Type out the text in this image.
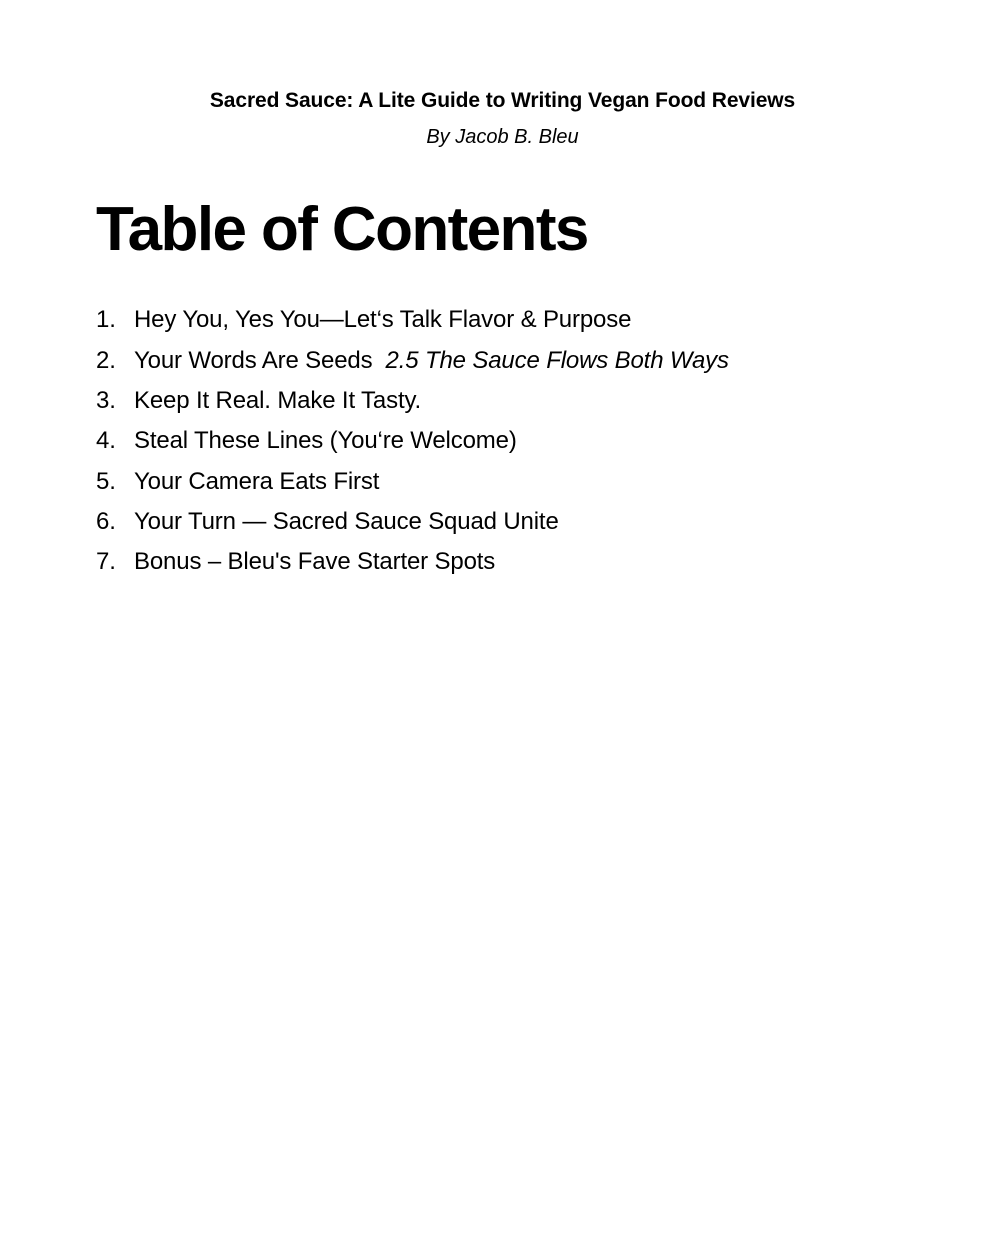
Sacred Sauce: A Lite Guide to Writing Vegan Food Reviews

By Jacob B. Bleu

Table of Contents
1. Hey You, Yes You—Let‘s Talk Flavor & Purpose
2. Your Words Are Seeds 2.5 The Sauce Flows Both Ways
3. Keep It Real. Make It Tasty.
4. Steal These Lines (You‘re Welcome)
5. Your Camera Eats First
6. Your Turn — Sacred Sauce Squad Unite
7. Bonus – Bleu's Fave Starter Spots
